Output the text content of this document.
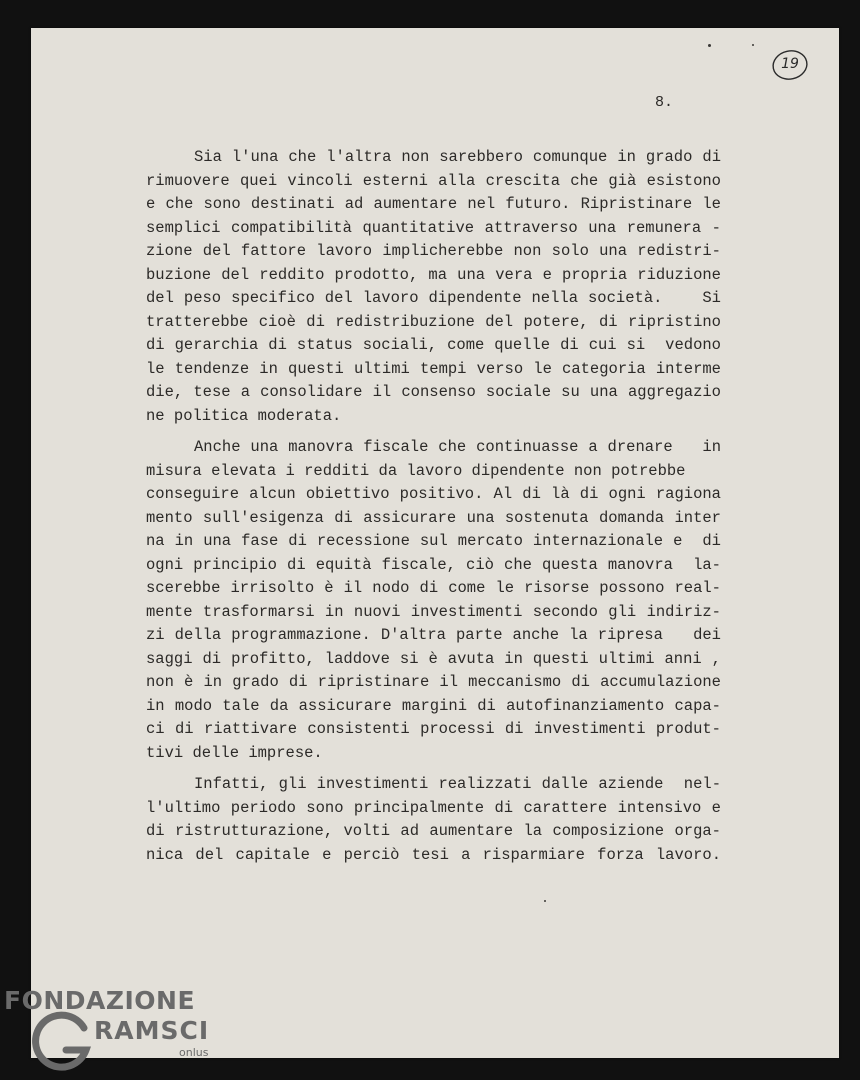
8.
19
Sia l'una che l'altra non sarebbero comunque in grado di
rimuovere quei vincoli esterni alla crescita che già esistono
e che sono destinati ad aumentare nel futuro. Ripristinare le
semplici compatibilità quantitative attraverso una remunera -
zione del fattore lavoro implicherebbe non solo una redistri-
buzione del reddito prodotto, ma una vera e propria riduzione
del peso specifico del lavoro dipendente nella società.    Si
tratterebbe cioè di redistribuzione del potere, di ripristino
di gerarchia di status sociali, come quelle di cui si  vedono
le tendenze in questi ultimi tempi verso le categoria interme
die, tese a consolidare il consenso sociale su una aggregazio
ne politica moderata.
Anche una manovra fiscale che continuasse a drenare   in
misura elevata i redditi da lavoro dipendente non potrebbe
conseguire alcun obiettivo positivo. Al di là di ogni ragiona
mento sull'esigenza di assicurare una sostenuta domanda inter
na in una fase di recessione sul mercato internazionale e  di
ogni principio di equità fiscale, ciò che questa manovra  la-
scerebbe irrisolto è il nodo di come le risorse possono real-
mente trasformarsi in nuovi investimenti secondo gli indiriz-
zi della programmazione. D'altra parte anche la ripresa   dei
saggi di profitto, laddove si è avuta in questi ultimi anni ,
non è in grado di ripristinare il meccanismo di accumulazione
in modo tale da assicurare margini di autofinanziamento capa-
ci di riattivare consistenti processi di investimenti produt-
tivi delle imprese.
Infatti, gli investimenti realizzati dalle aziende  nel-
l'ultimo periodo sono principalmente di carattere intensivo e
di ristrutturazione, volti ad aumentare la composizione orga-
nica del capitale e perciò tesi a risparmiare forza lavoro.
FONDAZIONE
RAMSCI
onlus
